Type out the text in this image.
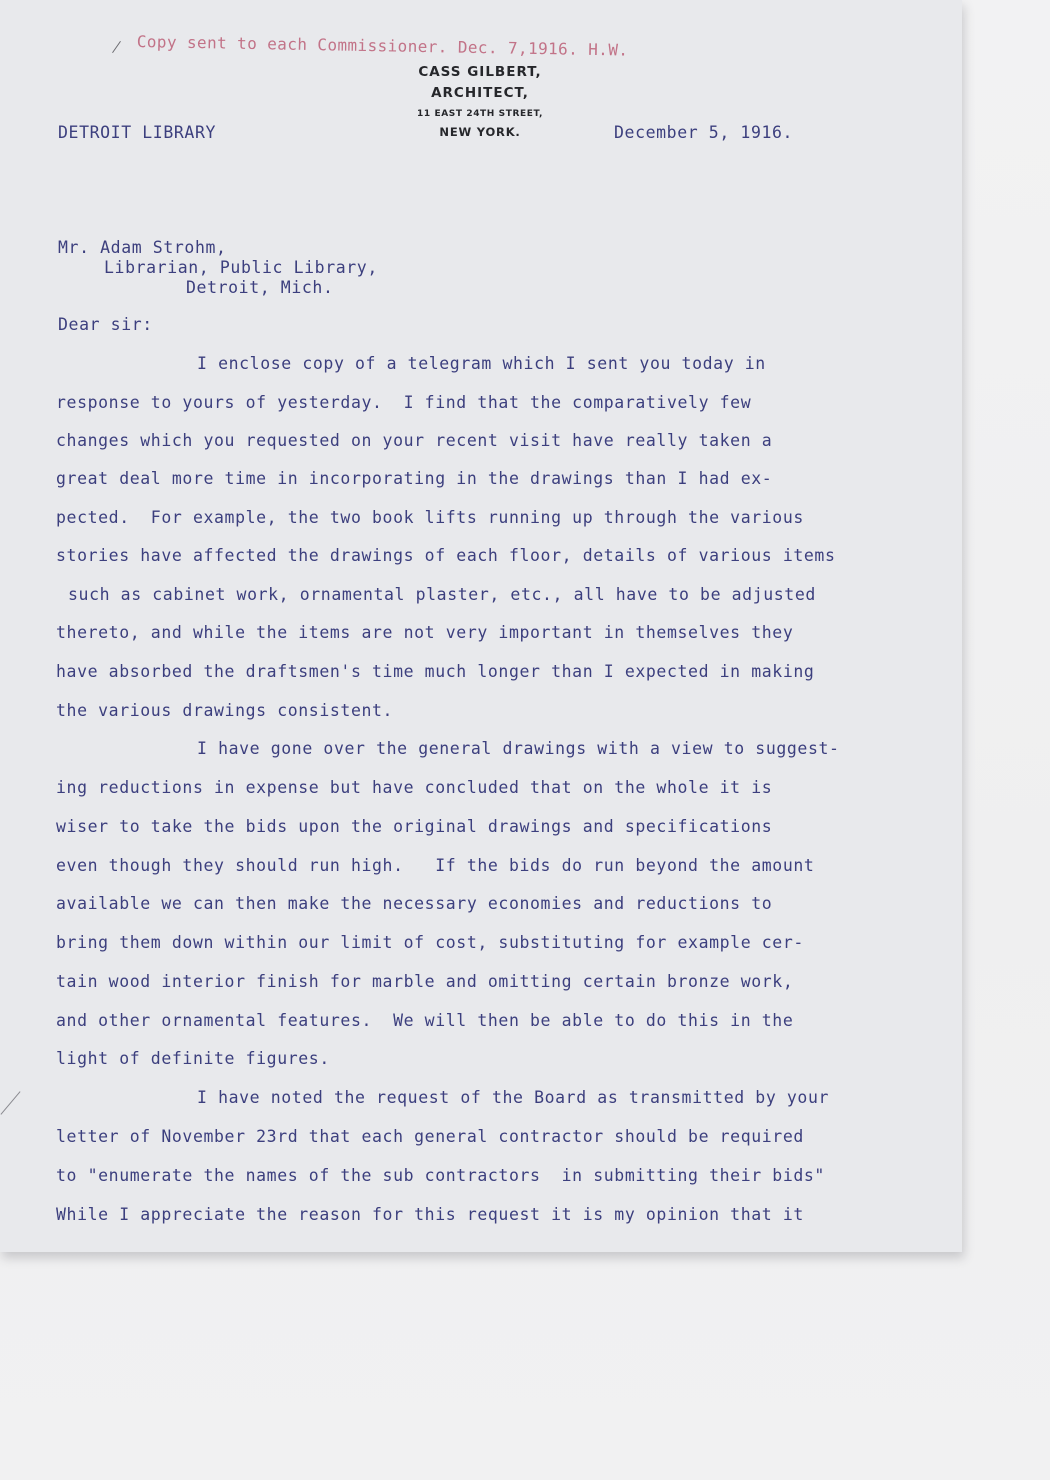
Copy sent to each Commissioner. Dec. 7,1916. H.W.
CASS GILBERT,
ARCHITECT,
11 EAST 24TH STREET,
NEW YORK.
DETROIT LIBRARY	December 5, 1916.
Mr. Adam Strohm,
Librarian, Public Library,
Detroit, Mich.
Dear sir:
I enclose copy of a telegram which I sent you today in
response to yours of yesterday.  I find that the comparatively few
changes which you requested on your recent visit have really taken a
great deal more time in incorporating in the drawings than I had ex-
pected.  For example, the two book lifts running up through the various
stories have affected the drawings of each floor, details of various items
such as cabinet work, ornamental plaster, etc., all have to be adjusted
thereto, and while the items are not very important in themselves they
have absorbed the draftsmen's time much longer than I expected in making
the various drawings consistent.
I have gone over the general drawings with a view to suggest-
ing reductions in expense but have concluded that on the whole it is
wiser to take the bids upon the original drawings and specifications
even though they should run high.   If the bids do run beyond the amount
available we can then make the necessary economies and reductions to
bring them down within our limit of cost, substituting for example cer-
tain wood interior finish for marble and omitting certain bronze work,
and other ornamental features.  We will then be able to do this in the
light of definite figures.
I have noted the request of the Board as transmitted by your
letter of November 23rd that each general contractor should be required
to "enumerate the names of the sub contractors  in submitting their bids"
While I appreciate the reason for this request it is my opinion that it
